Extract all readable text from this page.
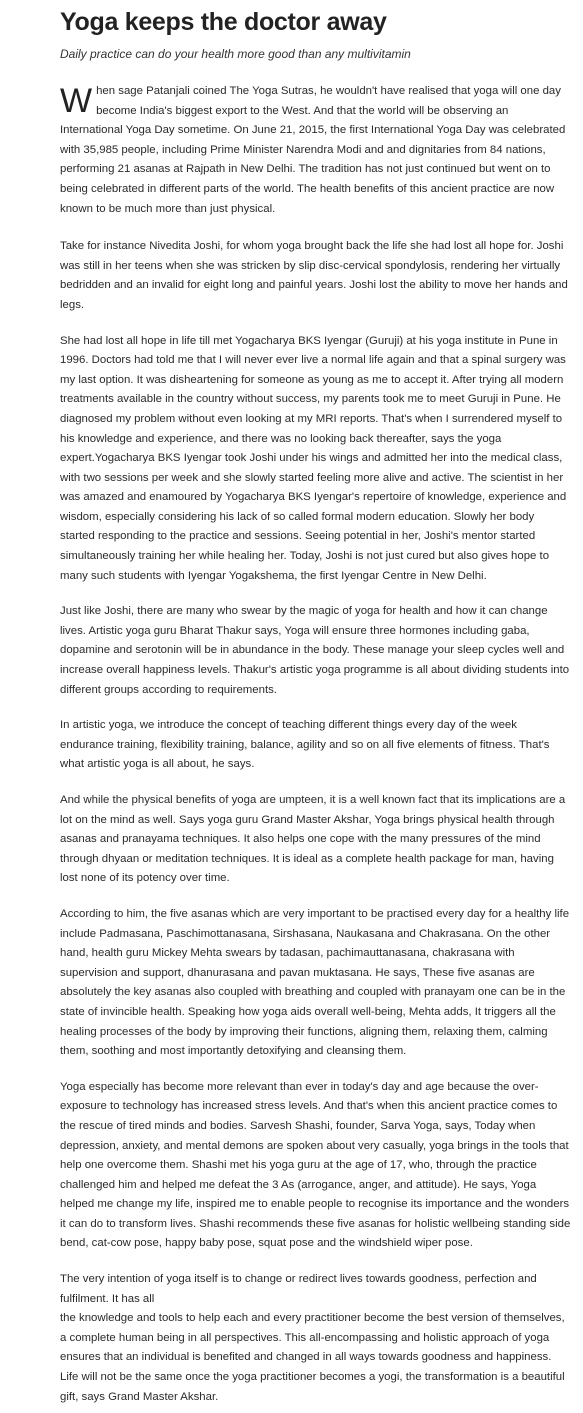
Yoga keeps the doctor away

Daily practice can do your health more good than any multivitamin

When sage Patanjali coined The Yoga Sutras, he wouldn't have realised that yoga will one day become India's biggest export to the West. And that the world will be observing an International Yoga Day sometime. On June 21, 2015, the first International Yoga Day was celebrated with 35,985 people, including Prime Minister Narendra Modi and and dignitaries from 84 nations, performing 21 asanas at Rajpath in New Delhi. The tradition has not just continued but went on to being celebrated in different parts of the world. The health benefits of this ancient practice are now known to be much more than just physical.

Take for instance Nivedita Joshi, for whom yoga brought back the life she had lost all hope for. Joshi was still in her teens when she was stricken by slip disc-cervical spondylosis, rendering her virtually bedridden and an invalid for eight long and painful years. Joshi lost the ability to move her hands and legs.

She had lost all hope in life till met Yogacharya BKS Iyengar (Guruji) at his yoga institute in Pune in 1996. Doctors had told me that I will never ever live a normal life again and that a spinal surgery was my last option. It was disheartening for someone as young as me to accept it. After trying all modern treatments available in the country without success, my parents took me to meet Guruji in Pune. He diagnosed my problem without even looking at my MRI reports. That's when I surrendered myself to his knowledge and experience, and there was no looking back thereafter, says the yoga expert.Yogacharya BKS Iyengar took Joshi under his wings and admitted her into the medical class, with two sessions per week and she slowly started feeling more alive and active. The scientist in her was amazed and enamoured by Yogacharya BKS Iyengar's repertoire of knowledge, experience and wisdom, especially considering his lack of so called formal modern education. Slowly her body started responding to the practice and sessions. Seeing potential in her, Joshi's mentor started simultaneously training her while healing her. Today, Joshi is not just cured but also gives hope to many such students with Iyengar Yogakshema, the first Iyengar Centre in New Delhi.

Just like Joshi, there are many who swear by the magic of yoga for health and how it can change lives. Artistic yoga guru Bharat Thakur says, Yoga will ensure three hormones including gaba, dopamine and serotonin will be in abundance in the body. These manage your sleep cycles well and increase overall happiness levels. Thakur's artistic yoga programme is all about dividing students into different groups according to requirements.

In artistic yoga, we introduce the concept of teaching different things every day of the week endurance training, flexibility training, balance, agility and so on all five elements of fitness. That's what artistic yoga is all about, he says.

And while the physical benefits of yoga are umpteen, it is a well known fact that its implications are a lot on the mind as well. Says yoga guru Grand Master Akshar, Yoga brings physical health through asanas and pranayama techniques. It also helps one cope with the many pressures of the mind through dhyaan or meditation techniques. It is ideal as a complete health package for man, having lost none of its potency over time.

According to him, the five asanas which are very important to be practised every day for a healthy life include Padmasana, Paschimottanasana, Sirshasana, Naukasana and Chakrasana. On the other hand, health guru Mickey Mehta swears by tadasan, pachimauttanasana, chakrasana with supervision and support, dhanurasana and pavan muktasana. He says, These five asanas are absolutely the key asanas also coupled with breathing and coupled with pranayam one can be in the state of invincible health. Speaking how yoga aids overall well-being, Mehta adds, It triggers all the healing processes of the body by improving their functions, aligning them, relaxing them, calming them, soothing and most importantly detoxifying and cleansing them.

Yoga especially has become more relevant than ever in today's day and age because the over-exposure to technology has increased stress levels. And that's when this ancient practice comes to the rescue of tired minds and bodies. Sarvesh Shashi, founder, Sarva Yoga, says, Today when depression, anxiety, and mental demons are spoken about very casually, yoga brings in the tools that help one overcome them. Shashi met his yoga guru at the age of 17, who, through the practice challenged him and helped me defeat the 3 As (arrogance, anger, and attitude). He says, Yoga helped me change my life, inspired me to enable people to recognise its importance and the wonders it can do to transform lives. Shashi recommends these five asanas for holistic wellbeing standing side bend, cat-cow pose, happy baby pose, squat pose and the windshield wiper pose.

The very intention of yoga itself is to change or redirect lives towards goodness, perfection and fulfilment. It has all
the knowledge and tools to help each and every practitioner become the best version of themselves, a complete human being in all perspectives. This all-encompassing and holistic approach of yoga ensures that an individual is benefited and changed in all ways towards goodness and happiness. Life will not be the same once the yoga practitioner becomes a yogi, the transformation is a beautiful gift, says Grand Master Akshar.
